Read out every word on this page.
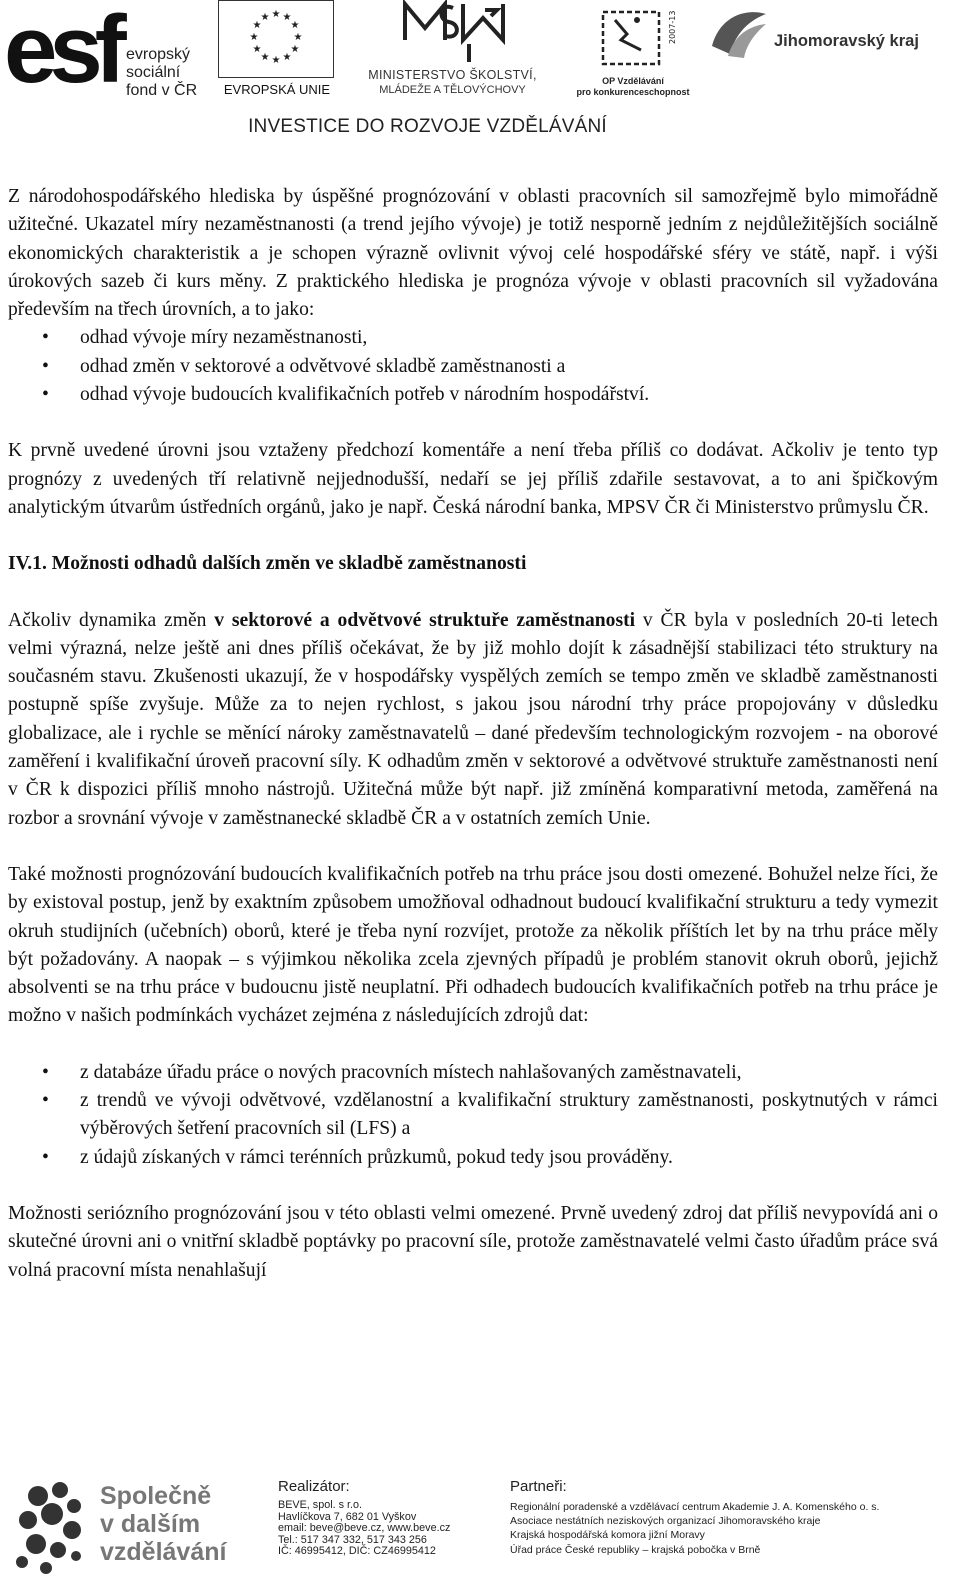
esf evropský
sociální
fond v ČR
★ ★
★
★
★
★
★
★
★
★
★
★
EVROPSKÁ UNIE
MINISTERSTVO ŠKOLSTVÍ,
MLÁDEŽE A TĚLOVÝCHOVY
2007-13
OP Vzdělávání
pro konkurenceschopnost
Jihomoravský kraj
INVESTICE DO ROZVOJE VZDĚLÁVÁNÍ

Z národohospodářského hlediska by úspěšné prognózování v oblasti pracovních sil samozřejmě bylo mimořádně užitečné. Ukazatel míry nezaměstnanosti (a trend jejího vývoje) je totiž nesporně jedním z nejdůležitějších sociálně ekonomických charakteristik a je schopen výrazně ovlivnit vývoj celé hospodářské sféry ve státě, např. i výši úrokových sazeb či kurs měny. Z praktického hlediska je prognóza vývoje v oblasti pracovních sil vyžadována především na třech úrovních, a to jako:

• odhad vývoje míry nezaměstnanosti,
• odhad změn v sektorové a odvětvové skladbě zaměstnanosti a
• odhad vývoje budoucích kvalifikačních potřeb v národním hospodářství.

K prvně uvedené úrovni jsou vztaženy předchozí komentáře a není třeba příliš co dodávat. Ačkoliv je tento typ prognózy z uvedených tří relativně nejjednodušší, nedaří se jej příliš zdařile sestavovat, a to ani špičkovým analytickým útvarům ústředních orgánů, jako je např. Česká národní banka, MPSV ČR či Ministerstvo průmyslu ČR.

IV.1. Možnosti odhadů dalších změn ve skladbě zaměstnanosti

Ačkoliv dynamika změn v sektorové a odvětvové struktuře zaměstnanosti v ČR byla v posledních 20-ti letech velmi výrazná, nelze ještě ani dnes příliš očekávat, že by již mohlo dojít k zásadnější stabilizaci této struktury na současném stavu. Zkušenosti ukazují, že v hospodářsky vyspělých zemích se tempo změn ve skladbě zaměstnanosti postupně spíše zvyšuje. Může za to nejen rychlost, s jakou jsou národní trhy práce propojovány v důsledku globalizace, ale i rychle se měnící nároky zaměstnavatelů – dané především technologickým rozvojem - na oborové zaměření i kvalifikační úroveň pracovní síly. K odhadům změn v sektorové a odvětvové struktuře zaměstnanosti není v ČR k dispozici příliš mnoho nástrojů. Užitečná může být např. již zmíněná komparativní metoda, zaměřená na rozbor a srovnání vývoje v zaměstnanecké skladbě ČR a v ostatních zemích Unie.

Také možnosti prognózování budoucích kvalifikačních potřeb na trhu práce jsou dosti omezené. Bohužel nelze říci, že by existoval postup, jenž by exaktním způsobem umožňoval odhadnout budoucí kvalifikační strukturu a tedy vymezit okruh studijních (učebních) oborů, které je třeba nyní rozvíjet, protože za několik příštích let by na trhu práce měly být požadovány. A naopak – s výjimkou několika zcela zjevných případů je problém stanovit okruh oborů, jejichž absolventi se na trhu práce v budoucnu jistě neuplatní. Při odhadech budoucích kvalifikačních potřeb na trhu práce je možno v našich podmínkách vycházet zejména z následujících zdrojů dat:

• z databáze úřadu práce o nových pracovních místech nahlašovaných zaměstnavateli,
• z trendů ve vývoji odvětvové, vzdělanostní a kvalifikační struktury zaměstnanosti, poskytnutých v rámci výběrových šetření pracovních sil (LFS) a
• z údajů získaných v rámci terénních průzkumů, pokud tedy jsou prováděny.

Možnosti seriózního prognózování jsou v této oblasti velmi omezené. Prvně uvedený zdroj dat příliš nevypovídá ani o skutečné úrovni ani o vnitřní skladbě poptávky po pracovní síle, protože zaměstnavatelé velmi často úřadům práce svá volná pracovní místa nenahlašují

Společně
v dalším
vzdělávání
Realizátor:
BEVE, spol. s r.o.
Havlíčkova 7, 682 01 Vyškov
email: beve@beve.cz, www.beve.cz
Tel.: 517 347 332, 517 343 256
IČ: 46995412, DIČ: CZ46995412
Partneři:
Regionální poradenské a vzdělávací centrum Akademie J. A. Komenského o. s.
Asociace nestátních neziskových organizací Jihomoravského kraje
Krajská hospodářská komora jižní Moravy
Úřad práce České republiky – krajská pobočka v Brně
